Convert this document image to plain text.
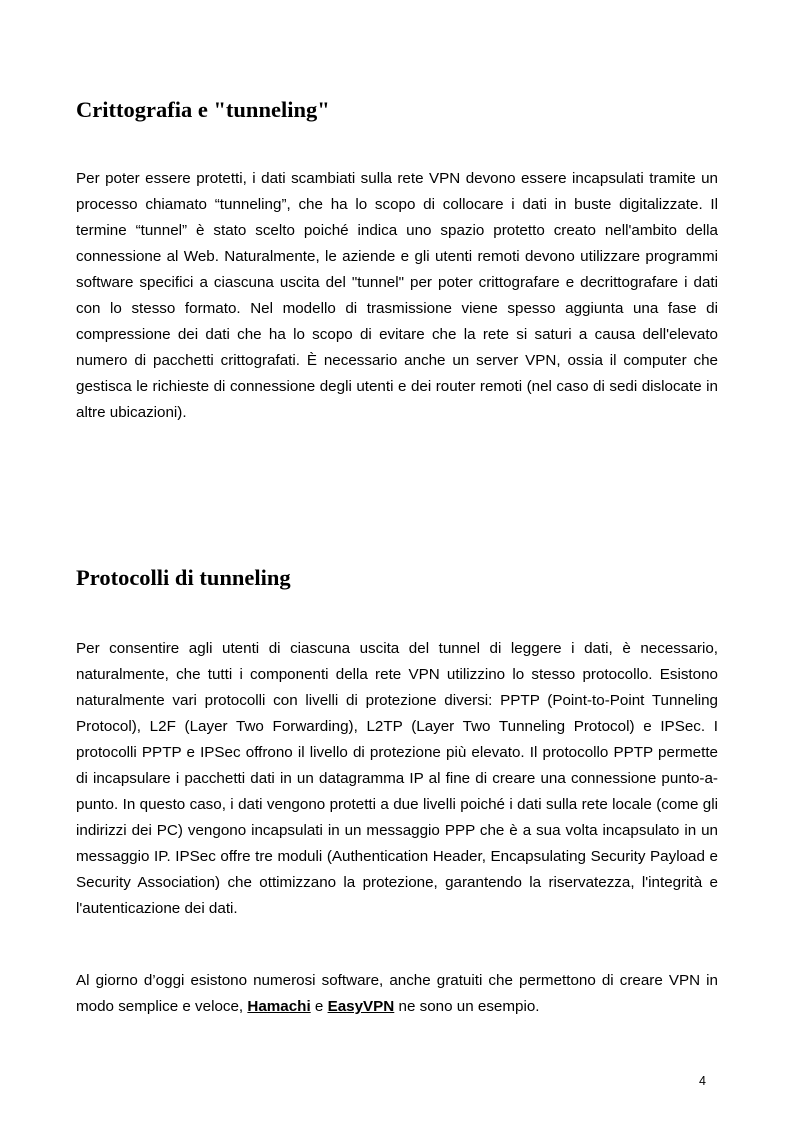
Crittografia e "tunneling"

Per poter essere protetti, i dati scambiati sulla rete VPN devono essere incapsulati tramite un processo chiamato “tunneling”, che ha lo scopo di collocare i dati in buste digitalizzate. Il termine “tunnel” è stato scelto poiché indica uno spazio protetto creato nell'ambito della connessione al Web. Naturalmente, le aziende e gli utenti remoti devono utilizzare programmi software specifici a ciascuna uscita del "tunnel" per poter crittografare e decrittografare i dati con lo stesso formato. Nel modello di trasmissione viene spesso aggiunta una fase di compressione dei dati che ha lo scopo di evitare che la rete si saturi a causa dell'elevato numero di pacchetti crittografati. È necessario anche un server VPN, ossia il computer che gestisca le richieste di connessione degli utenti e dei router remoti (nel caso di sedi dislocate in altre ubicazioni).

Protocolli di tunneling

Per consentire agli utenti di ciascuna uscita del tunnel di leggere i dati, è necessario, naturalmente, che tutti i componenti della rete VPN utilizzino lo stesso protocollo. Esistono naturalmente vari protocolli con livelli di protezione diversi: PPTP (Point-to-Point Tunneling Protocol), L2F (Layer Two Forwarding), L2TP (Layer Two Tunneling Protocol) e IPSec. I protocolli PPTP e IPSec offrono il livello di protezione più elevato. Il protocollo PPTP permette di incapsulare i pacchetti dati in un datagramma IP al fine di creare una connessione punto-a-punto. In questo caso, i dati vengono protetti a due livelli poiché i dati sulla rete locale (come gli indirizzi dei PC) vengono incapsulati in un messaggio PPP che è a sua volta incapsulato in un messaggio IP. IPSec offre tre moduli (Authentication Header, Encapsulating Security Payload e Security Association) che ottimizzano la protezione, garantendo la riservatezza, l'integrità e l'autenticazione dei dati.

Al giorno d’oggi esistono numerosi software, anche gratuiti che permettono di creare VPN in modo semplice e veloce, Hamachi e EasyVPN ne sono un esempio.

4
